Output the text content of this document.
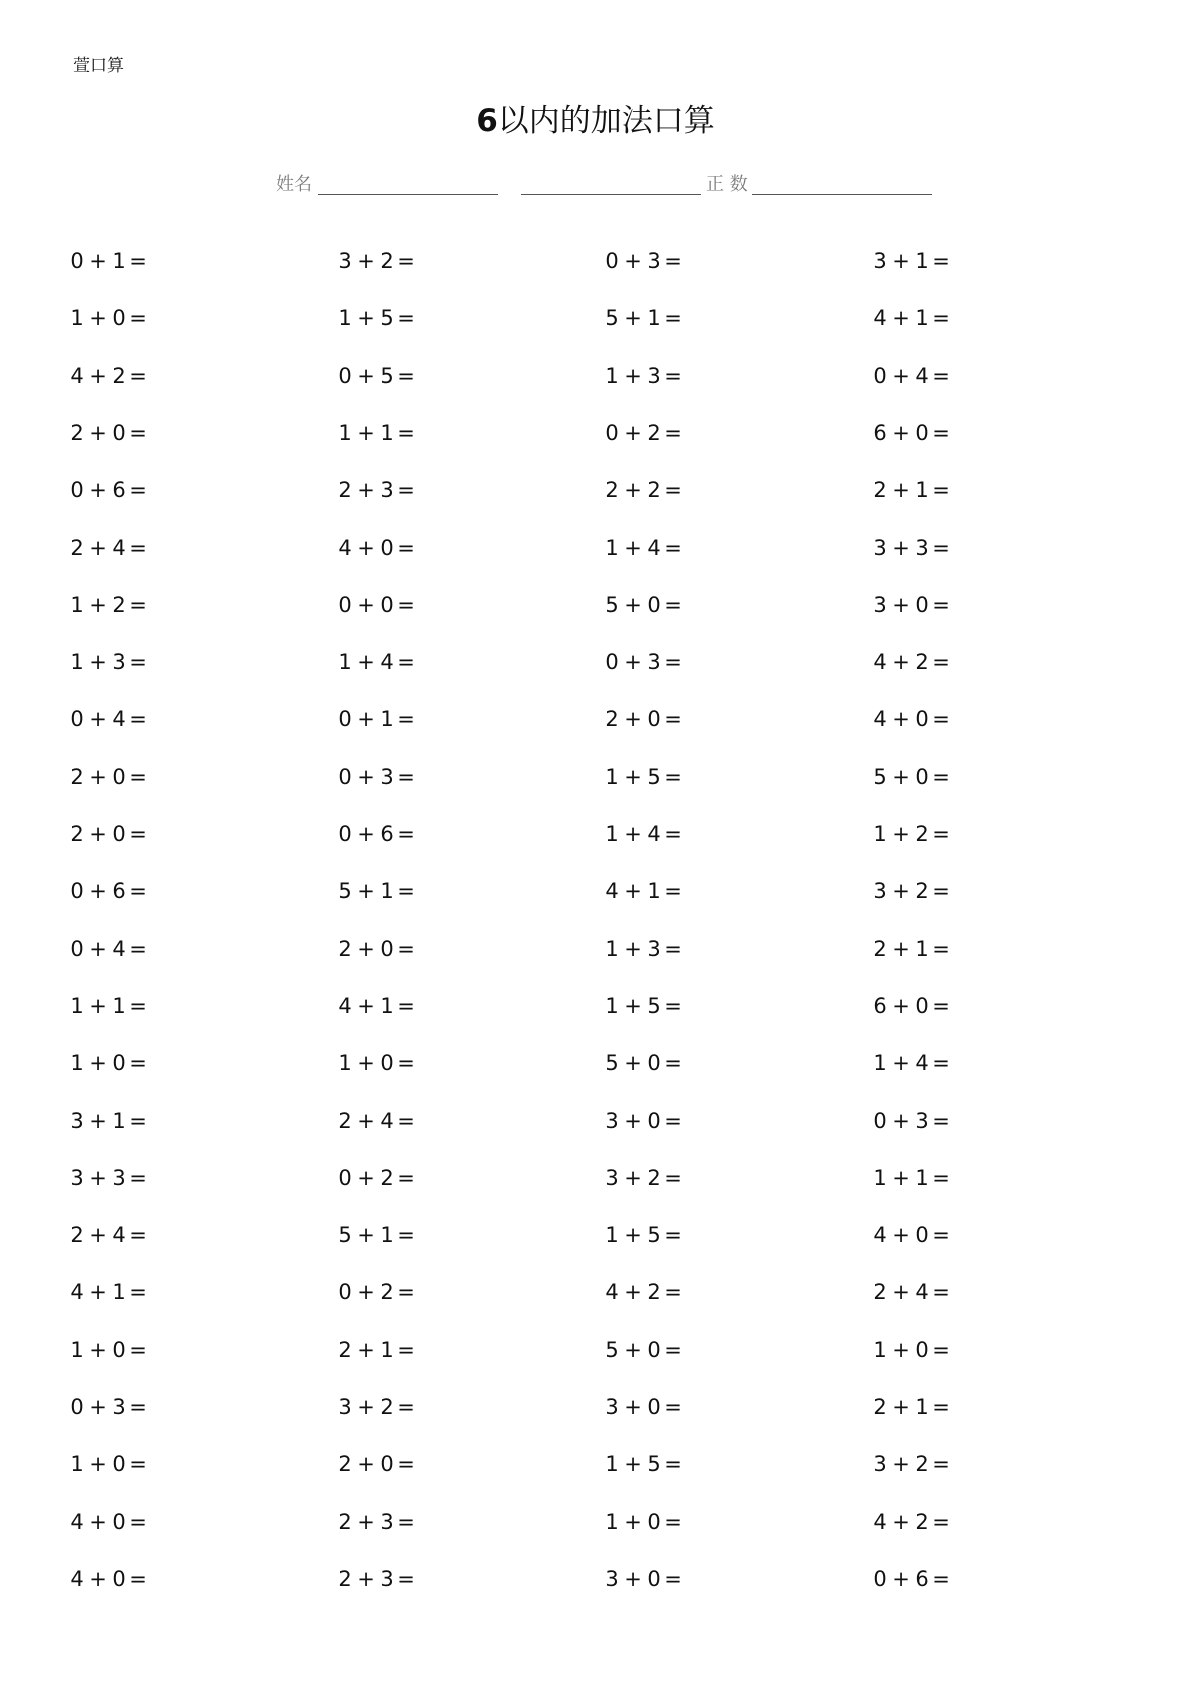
萱口算
6以内的加法口算
姓名	正 数
0 + 1 =
1 + 0 =
4 + 2 =
2 + 0 =
0 + 6 =
2 + 4 =
1 + 2 =
1 + 3 =
0 + 4 =
2 + 0 =
2 + 0 =
0 + 6 =
0 + 4 =
1 + 1 =
1 + 0 =
3 + 1 =
3 + 3 =
2 + 4 =
4 + 1 =
1 + 0 =
0 + 3 =
1 + 0 =
4 + 0 =
4 + 0 =
3 + 2 =
1 + 5 =
0 + 5 =
1 + 1 =
2 + 3 =
4 + 0 =
0 + 0 =
1 + 4 =
0 + 1 =
0 + 3 =
0 + 6 =
5 + 1 =
2 + 0 =
4 + 1 =
1 + 0 =
2 + 4 =
0 + 2 =
5 + 1 =
0 + 2 =
2 + 1 =
3 + 2 =
2 + 0 =
2 + 3 =
2 + 3 =
0 + 3 =
5 + 1 =
1 + 3 =
0 + 2 =
2 + 2 =
1 + 4 =
5 + 0 =
0 + 3 =
2 + 0 =
1 + 5 =
1 + 4 =
4 + 1 =
1 + 3 =
1 + 5 =
5 + 0 =
3 + 0 =
3 + 2 =
1 + 5 =
4 + 2 =
5 + 0 =
3 + 0 =
1 + 5 =
1 + 0 =
3 + 0 =
3 + 1 =
4 + 1 =
0 + 4 =
6 + 0 =
2 + 1 =
3 + 3 =
3 + 0 =
4 + 2 =
4 + 0 =
5 + 0 =
1 + 2 =
3 + 2 =
2 + 1 =
6 + 0 =
1 + 4 =
0 + 3 =
1 + 1 =
4 + 0 =
2 + 4 =
1 + 0 =
2 + 1 =
3 + 2 =
4 + 2 =
0 + 6 =
